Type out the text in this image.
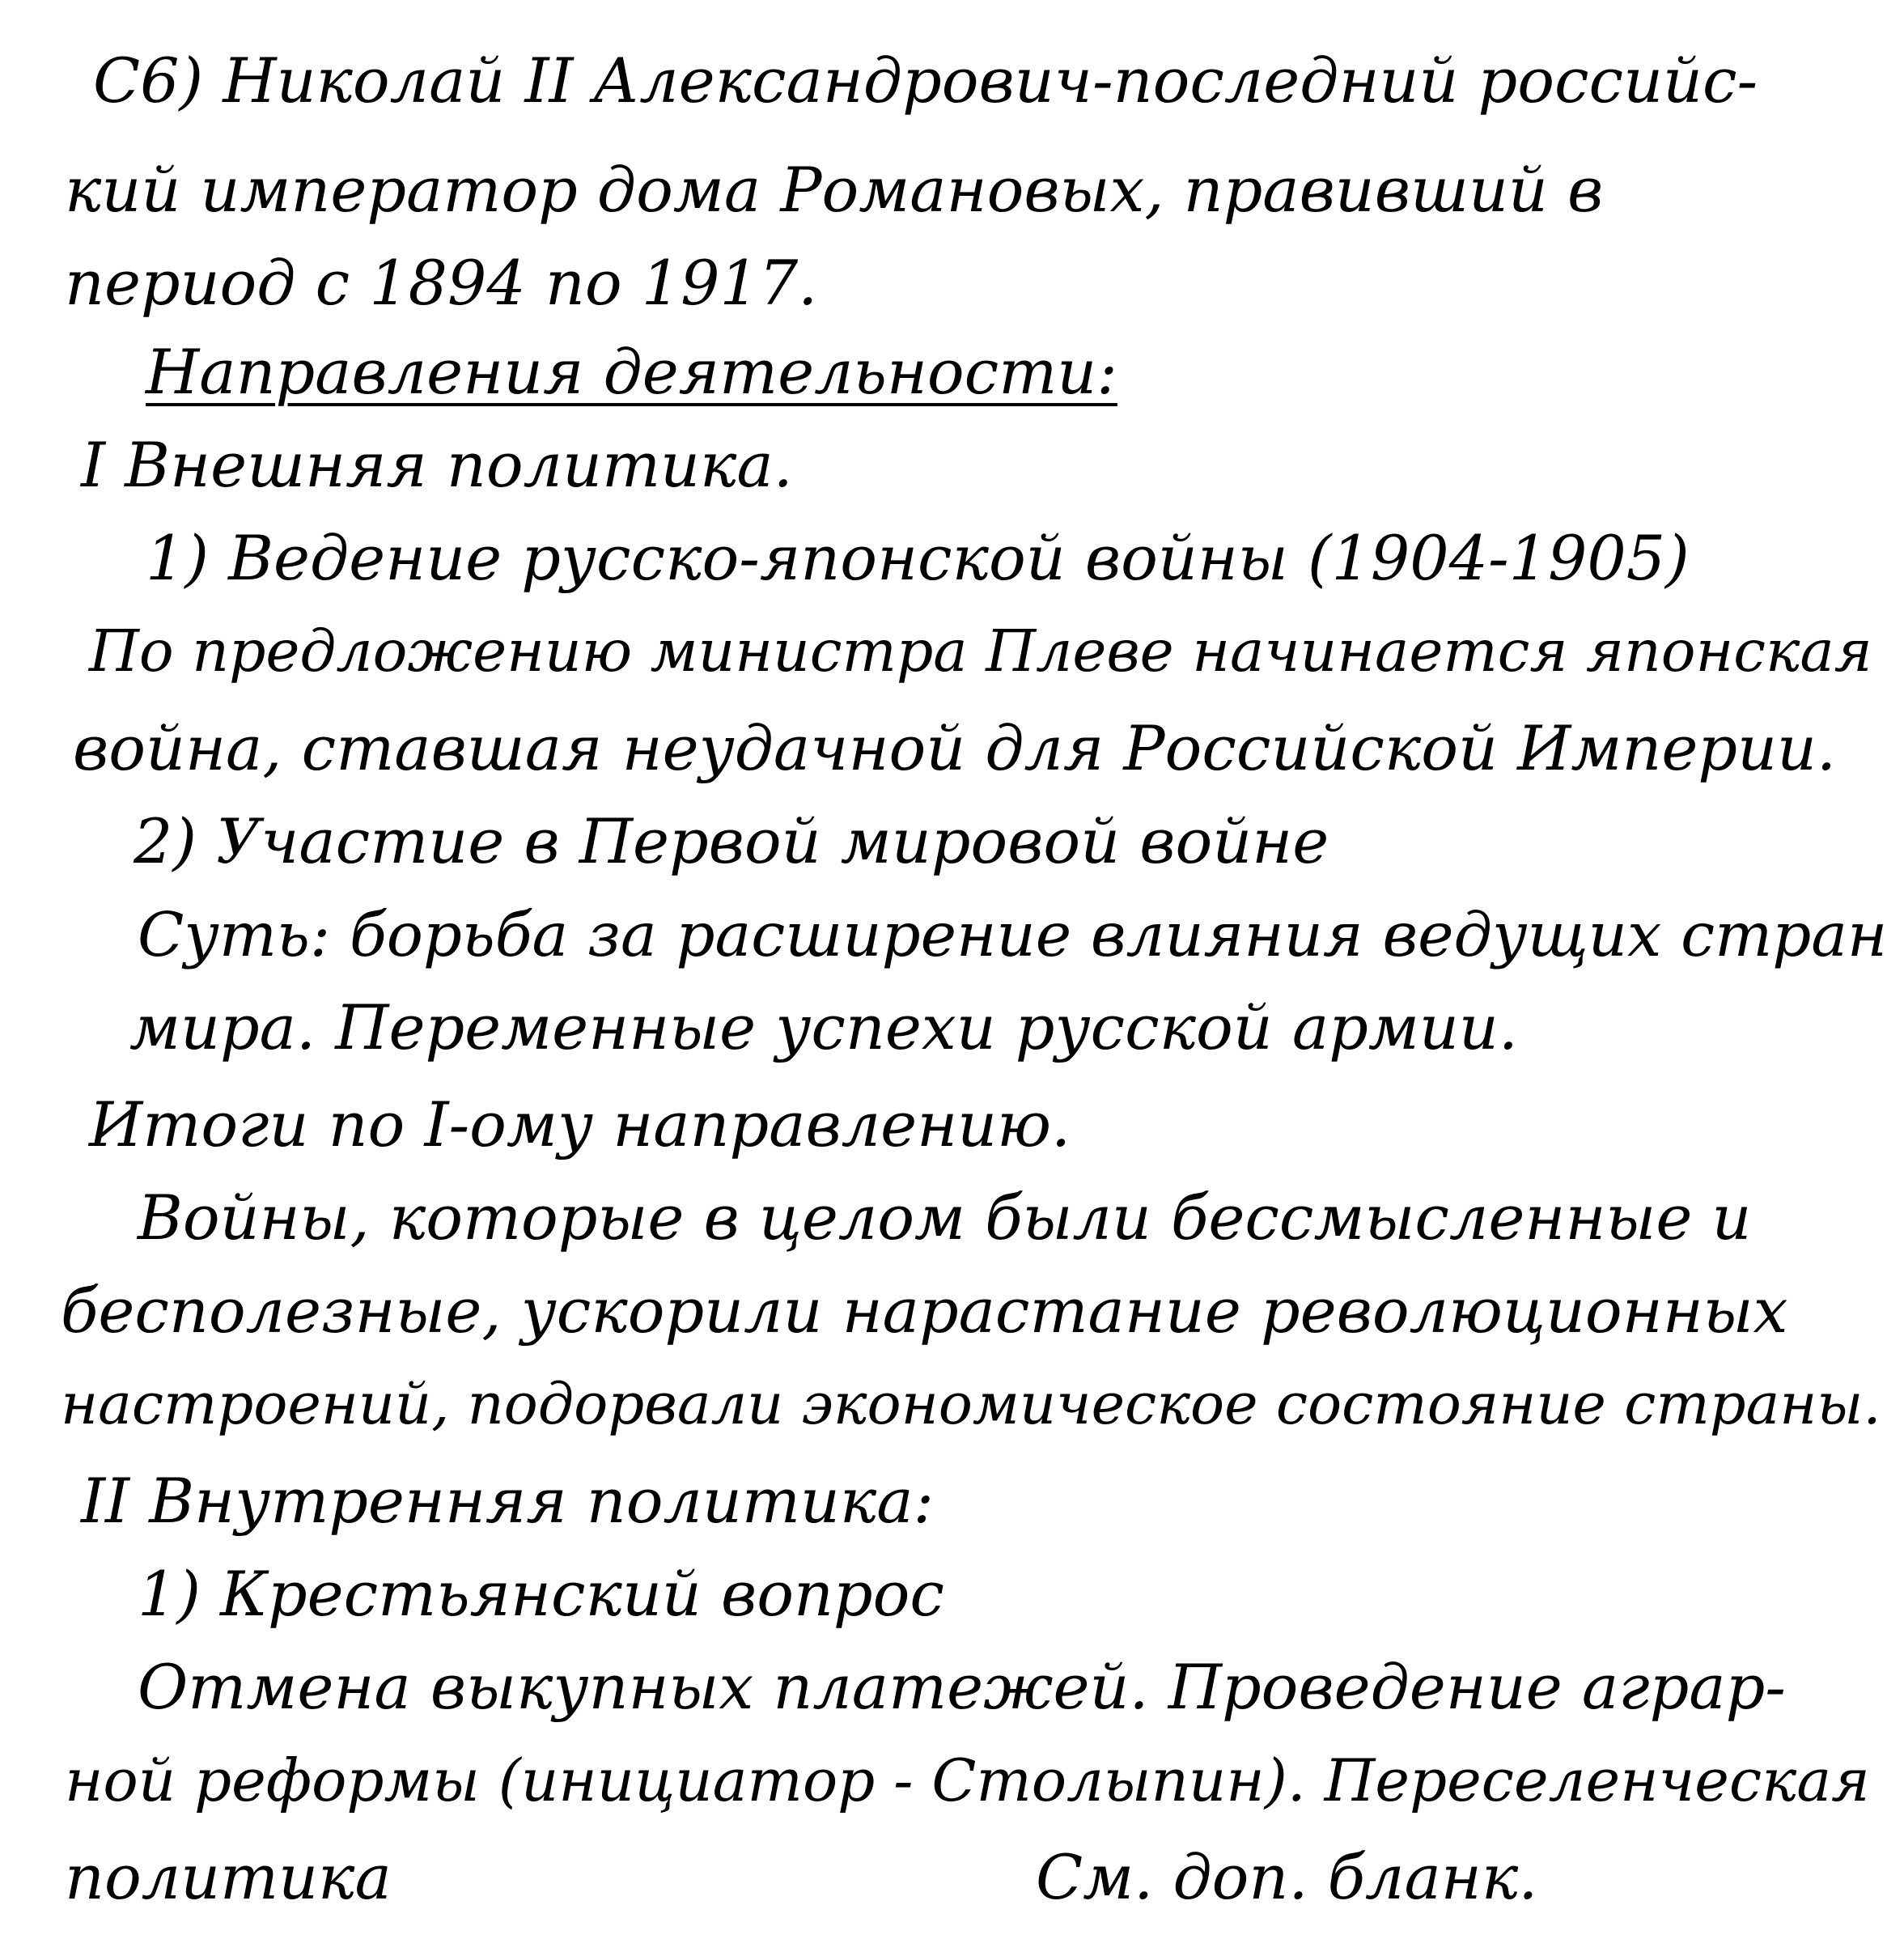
С6) Николай II Александрович-последний российс-
кий император дома Романовых, правивший в
период с 1894 по 1917.
Направления деятельности:
I Внешняя политика.
1) Ведение русско-японской войны (1904-1905)
По предложению министра Плеве начинается японская
война, ставшая неудачной для Российской Империи.
2) Участие в Первой мировой войне
Суть: борьба за расширение влияния ведущих стран
мира. Переменные успехи русской армии.
Итоги по I-ому направлению.
Войны, которые в целом были бессмысленные и
бесполезные, ускорили нарастание революционных
настроений, подорвали экономическое состояние страны.
II Внутренняя политика:
1) Крестьянский вопрос
Отмена выкупных платежей. Проведение аграр-
ной реформы (инициатор - Столыпин). Переселенческая
политика	См. доп. бланк.
